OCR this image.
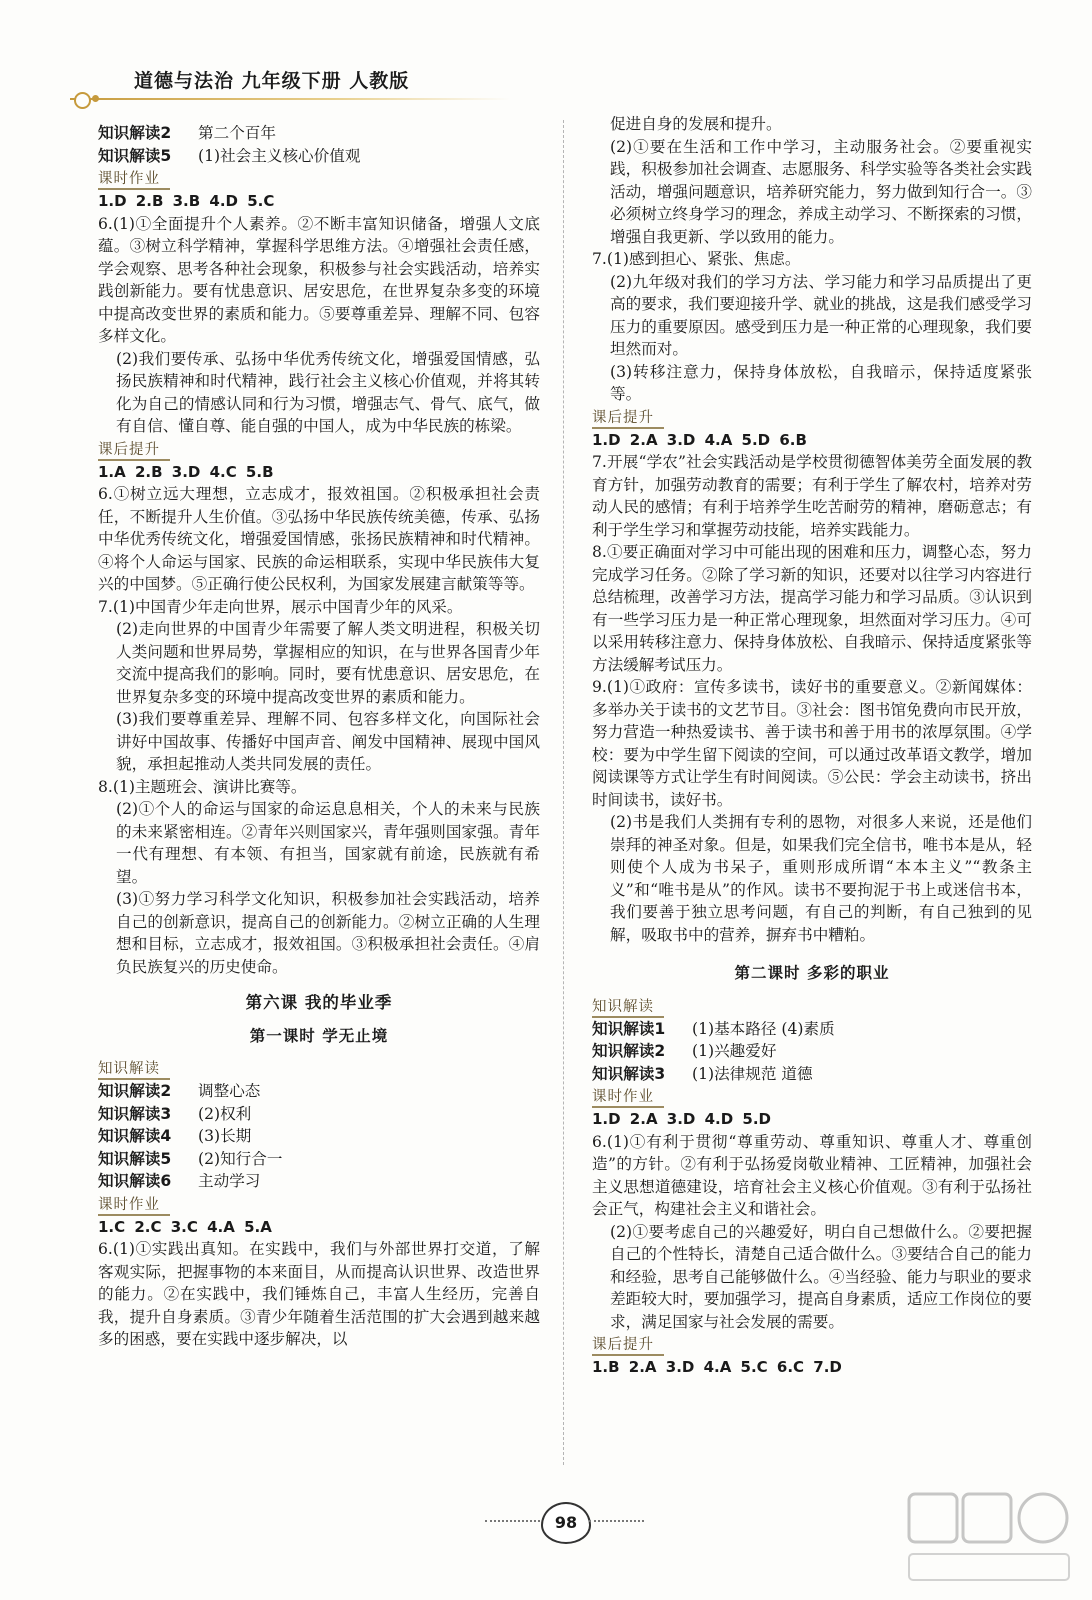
道德与法治 九年级下册 人教版
知识解读2 第二个百年
知识解读5 (1)社会主义核心价值观
课时作业
1.D 2.B 3.B 4.D 5.C
6.(1)①全面提升个人素养。②不断丰富知识储备，增强人文底蕴。③树立科学精神，掌握科学思维方法。④增强社会责任感，学会观察、思考各种社会现象，积极参与社会实践活动，培养实践创新能力。要有忧患意识、居安思危，在世界复杂多变的环境中提高改变世界的素质和能力。⑤要尊重差异、理解不同、包容多样文化。
(2)我们要传承、弘扬中华优秀传统文化，增强爱国情感，弘扬民族精神和时代精神，践行社会主义核心价值观，并将其转化为自己的情感认同和行为习惯，增强志气、骨气、底气，做有自信、懂自尊、能自强的中国人，成为中华民族的栋梁。
课后提升
1.A 2.B 3.D 4.C 5.B
6.①树立远大理想，立志成才，报效祖国。②积极承担社会责任，不断提升人生价值。③弘扬中华民族传统美德，传承、弘扬中华优秀传统文化，增强爱国情感，张扬民族精神和时代精神。④将个人命运与国家、民族的命运相联系，实现中华民族伟大复兴的中国梦。⑤正确行使公民权利，为国家发展建言献策等等。
7.(1)中国青少年走向世界，展示中国青少年的风采。
(2)走向世界的中国青少年需要了解人类文明进程，积极关切人类问题和世界局势，掌握相应的知识，在与世界各国青少年交流中提高我们的影响。同时，要有忧患意识、居安思危，在世界复杂多变的环境中提高改变世界的素质和能力。
(3)我们要尊重差异、理解不同、包容多样文化，向国际社会讲好中国故事、传播好中国声音、阐发中国精神、展现中国风貌，承担起推动人类共同发展的责任。
8.(1)主题班会、演讲比赛等。
(2)①个人的命运与国家的命运息息相关，个人的未来与民族的未来紧密相连。②青年兴则国家兴，青年强则国家强。青年一代有理想、有本领、有担当，国家就有前途，民族就有希望。
(3)①努力学习科学文化知识，积极参加社会实践活动，培养自己的创新意识，提高自己的创新能力。②树立正确的人生理想和目标，立志成才，报效祖国。③积极承担社会责任。④肩负民族复兴的历史使命。
第六课 我的毕业季
第一课时 学无止境
知识解读
知识解读2 调整心态
知识解读3 (2)权利
知识解读4 (3)长期
知识解读5 (2)知行合一
知识解读6 主动学习
课时作业
1.C 2.C 3.C 4.A 5.A
6.(1)①实践出真知。在实践中，我们与外部世界打交道，了解客观实际，把握事物的本来面目，从而提高认识世界、改造世界的能力。②在实践中，我们锤炼自己，丰富人生经历，完善自我，提升自身素质。③青少年随着生活范围的扩大会遇到越来越多的困惑，要在实践中逐步解决，以
促进自身的发展和提升。
(2)①要在生活和工作中学习，主动服务社会。②要重视实践，积极参加社会调查、志愿服务、科学实验等各类社会实践活动，增强问题意识，培养研究能力，努力做到知行合一。③必须树立终身学习的理念，养成主动学习、不断探索的习惯，增强自我更新、学以致用的能力。
7.(1)感到担心、紧张、焦虑。
(2)九年级对我们的学习方法、学习能力和学习品质提出了更高的要求，我们要迎接升学、就业的挑战，这是我们感受学习压力的重要原因。感受到压力是一种正常的心理现象，我们要坦然而对。
(3)转移注意力，保持身体放松，自我暗示，保持适度紧张等。
课后提升
1.D 2.A 3.D 4.A 5.D 6.B
7.开展“学农”社会实践活动是学校贯彻德智体美劳全面发展的教育方针，加强劳动教育的需要；有利于学生了解农村，培养对劳动人民的感情；有利于培养学生吃苦耐劳的精神，磨砺意志；有利于学生学习和掌握劳动技能，培养实践能力。
8.①要正确面对学习中可能出现的困难和压力，调整心态，努力完成学习任务。②除了学习新的知识，还要对以往学习内容进行总结梳理，改善学习方法，提高学习能力和学习品质。③认识到有一些学习压力是一种正常心理现象，坦然面对学习压力。④可以采用转移注意力、保持身体放松、自我暗示、保持适度紧张等方法缓解考试压力。
9.(1)①政府：宣传多读书，读好书的重要意义。②新闻媒体：多举办关于读书的文艺节目。③社会：图书馆免费向市民开放，努力营造一种热爱读书、善于读书和善于用书的浓厚氛围。④学校：要为中学生留下阅读的空间，可以通过改革语文教学，增加阅读课等方式让学生有时间阅读。⑤公民：学会主动读书，挤出时间读书，读好书。
(2)书是我们人类拥有专利的恩物，对很多人来说，还是他们崇拜的神圣对象。但是，如果我们完全信书，唯书本是从，轻则使个人成为书呆子，重则形成所谓“本本主义”“教条主义”和“唯书是从”的作风。读书不要拘泥于书上或迷信书本，我们要善于独立思考问题，有自己的判断，有自己独到的见解，吸取书中的营养，摒弃书中糟粕。
第二课时 多彩的职业
知识解读
知识解读1 (1)基本路径 (4)素质
知识解读2 (1)兴趣爱好
知识解读3 (1)法律规范 道德
课时作业
1.D 2.A 3.D 4.D 5.D
6.(1)①有利于贯彻“尊重劳动、尊重知识、尊重人才、尊重创造”的方针。②有利于弘扬爱岗敬业精神、工匠精神，加强社会主义思想道德建设，培育社会主义核心价值观。③有利于弘扬社会正气，构建社会主义和谐社会。
(2)①要考虑自己的兴趣爱好，明白自己想做什么。②要把握自己的个性特长，清楚自己适合做什么。③要结合自己的能力和经验，思考自己能够做什么。④当经验、能力与职业的要求差距较大时，要加强学习，提高自身素质，适应工作岗位的要求，满足国家与社会发展的需要。
课后提升
1.B 2.A 3.D 4.A 5.C 6.C 7.D
98
